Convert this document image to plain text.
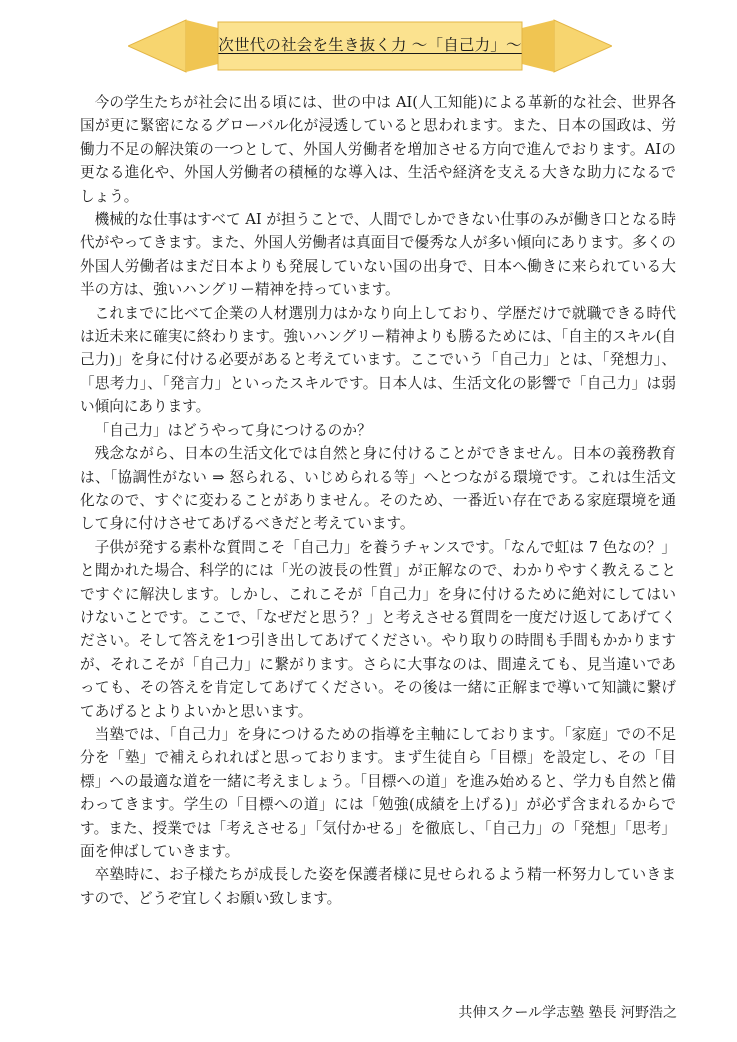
次世代の社会を生き抜く力 ～「自己力」～

今の学生たちが社会に出る頃には、世の中は AI(人工知能)による革新的な社会、世界各国が更に緊密になるグローバル化が浸透していると思われます。また、日本の国政は、労働力不足の解決策の一つとして、外国人労働者を増加させる方向で進んでおります。AIの更なる進化や、外国人労働者の積極的な導入は、生活や経済を支える大きな助力になるでしょう。

機械的な仕事はすべて AI が担うことで、人間でしかできない仕事のみが働き口となる時代がやってきます。また、外国人労働者は真面目で優秀な人が多い傾向にあります。多くの外国人労働者はまだ日本よりも発展していない国の出身で、日本へ働きに来られている大半の方は、強いハングリー精神を持っています。

これまでに比べて企業の人材選別力はかなり向上しており、学歴だけで就職できる時代は近未来に確実に終わります。強いハングリー精神よりも勝るためには、「自主的スキル(自己力)」を身に付ける必要があると考えています。ここでいう「自己力」とは、「発想力」、「思考力」、「発言力」といったスキルです。日本人は、生活文化の影響で「自己力」は弱い傾向にあります。

「自己力」はどうやって身につけるのか？

残念ながら、日本の生活文化では自然と身に付けることができません。日本の義務教育は、「協調性がない ⇒ 怒られる、いじめられる等」へとつながる環境です。これは生活文化なので、すぐに変わることがありません。そのため、一番近い存在である家庭環境を通して身に付けさせてあげるべきだと考えています。

子供が発する素朴な質問こそ「自己力」を養うチャンスです。「なんで虹は 7 色なの？」と聞かれた場合、科学的には「光の波長の性質」が正解なので、わかりやすく教えることですぐに解決します。しかし、これこそが「自己力」を身に付けるために絶対にしてはいけないことです。ここで、「なぜだと思う？」と考えさせる質問を一度だけ返してあげてください。そして答えを1つ引き出してあげてください。やり取りの時間も手間もかかりますが、それこそが「自己力」に繋がります。さらに大事なのは、間違えても、見当違いであっても、その答えを肯定してあげてください。その後は一緒に正解まで導いて知識に繋げてあげるとよりよいかと思います。

当塾では、「自己力」を身につけるための指導を主軸にしております。「家庭」での不足分を「塾」で補えられればと思っております。まず生徒自ら「目標」を設定し、その「目標」への最適な道を一緒に考えましょう。「目標への道」を進み始めると、学力も自然と備わってきます。学生の「目標への道」には「勉強(成績を上げる)」が必ず含まれるからです。また、授業では「考えさせる」「気付かせる」を徹底し、「自己力」の「発想」「思考」面を伸ばしていきます。

卒塾時に、お子様たちが成長した姿を保護者様に見せられるよう精一杯努力していきますので、どうぞ宜しくお願い致します。

共伸スクール学志塾 塾長 河野浩之
